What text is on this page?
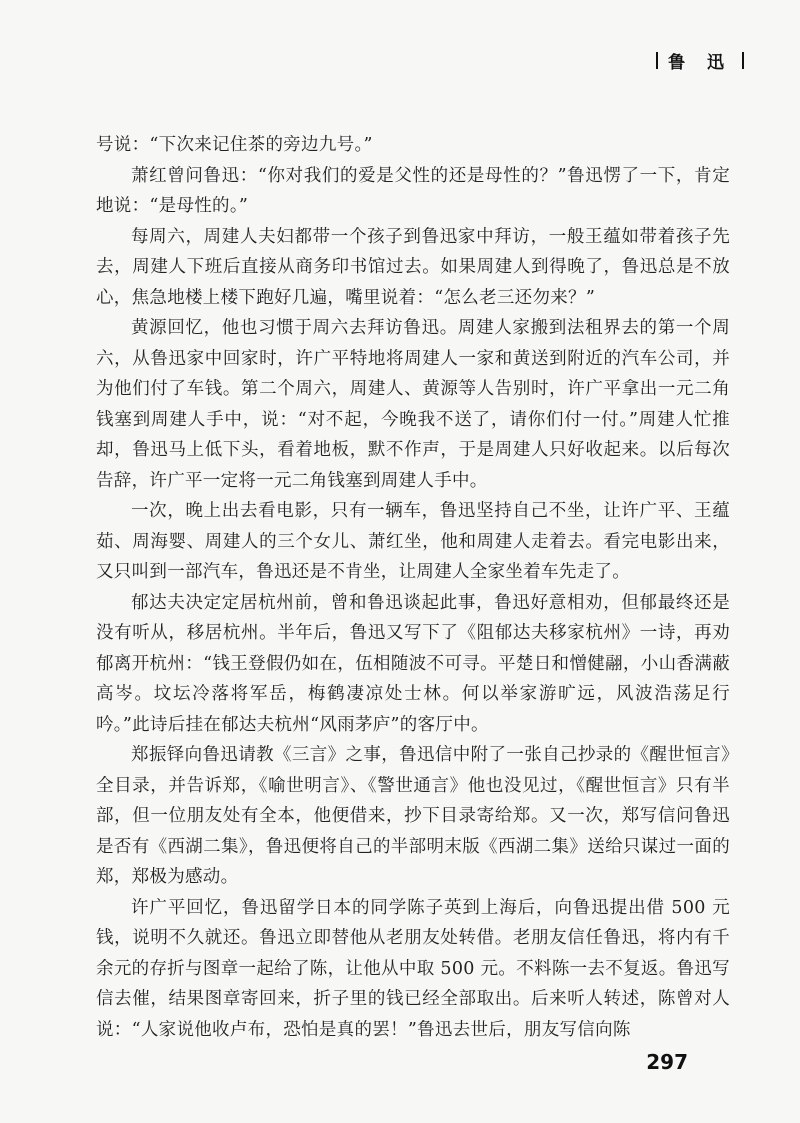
鲁 迅

号说：“下次来记住茶的旁边九号。”

萧红曾问鲁迅：“你对我们的爱是父性的还是母性的？”鲁迅愣了一下，肯定地说：“是母性的。”

每周六，周建人夫妇都带一个孩子到鲁迅家中拜访，一般王蕴如带着孩子先去，周建人下班后直接从商务印书馆过去。如果周建人到得晚了，鲁迅总是不放心，焦急地楼上楼下跑好几遍，嘴里说着：“怎么老三还勿来？”

黄源回忆，他也习惯于周六去拜访鲁迅。周建人家搬到法租界去的第一个周六，从鲁迅家中回家时，许广平特地将周建人一家和黄送到附近的汽车公司，并为他们付了车钱。第二个周六，周建人、黄源等人告别时，许广平拿出一元二角钱塞到周建人手中，说：“对不起，今晚我不送了，请你们付一付。”周建人忙推却，鲁迅马上低下头，看着地板，默不作声，于是周建人只好收起来。以后每次告辞，许广平一定将一元二角钱塞到周建人手中。

一次，晚上出去看电影，只有一辆车，鲁迅坚持自己不坐，让许广平、王蕴茹、周海婴、周建人的三个女儿、萧红坐，他和周建人走着去。看完电影出来，又只叫到一部汽车，鲁迅还是不肯坐，让周建人全家坐着车先走了。

郁达夫决定定居杭州前，曾和鲁迅谈起此事，鲁迅好意相劝，但郁最终还是没有听从，移居杭州。半年后，鲁迅又写下了《阻郁达夫移家杭州》一诗，再劝郁离开杭州：“钱王登假仍如在，伍相随波不可寻。平楚日和憎健翮，小山香满蔽高岑。坟坛冷落将军岳，梅鹤凄凉处士林。何以举家游旷远，风波浩荡足行吟。”此诗后挂在郁达夫杭州“风雨茅庐”的客厅中。

郑振铎向鲁迅请教《三言》之事，鲁迅信中附了一张自己抄录的《醒世恒言》全目录，并告诉郑，《喻世明言》、《警世通言》他也没见过，《醒世恒言》只有半部，但一位朋友处有全本，他便借来，抄下目录寄给郑。又一次，郑写信问鲁迅是否有《西湖二集》，鲁迅便将自己的半部明末版《西湖二集》送给只谋过一面的郑，郑极为感动。

许广平回忆，鲁迅留学日本的同学陈子英到上海后，向鲁迅提出借 500 元钱，说明不久就还。鲁迅立即替他从老朋友处转借。老朋友信任鲁迅，将内有千余元的存折与图章一起给了陈，让他从中取 500 元。不料陈一去不复返。鲁迅写信去催，结果图章寄回来，折子里的钱已经全部取出。后来听人转述，陈曾对人说：“人家说他收卢布，恐怕是真的罢！”鲁迅去世后，朋友写信向陈

297
